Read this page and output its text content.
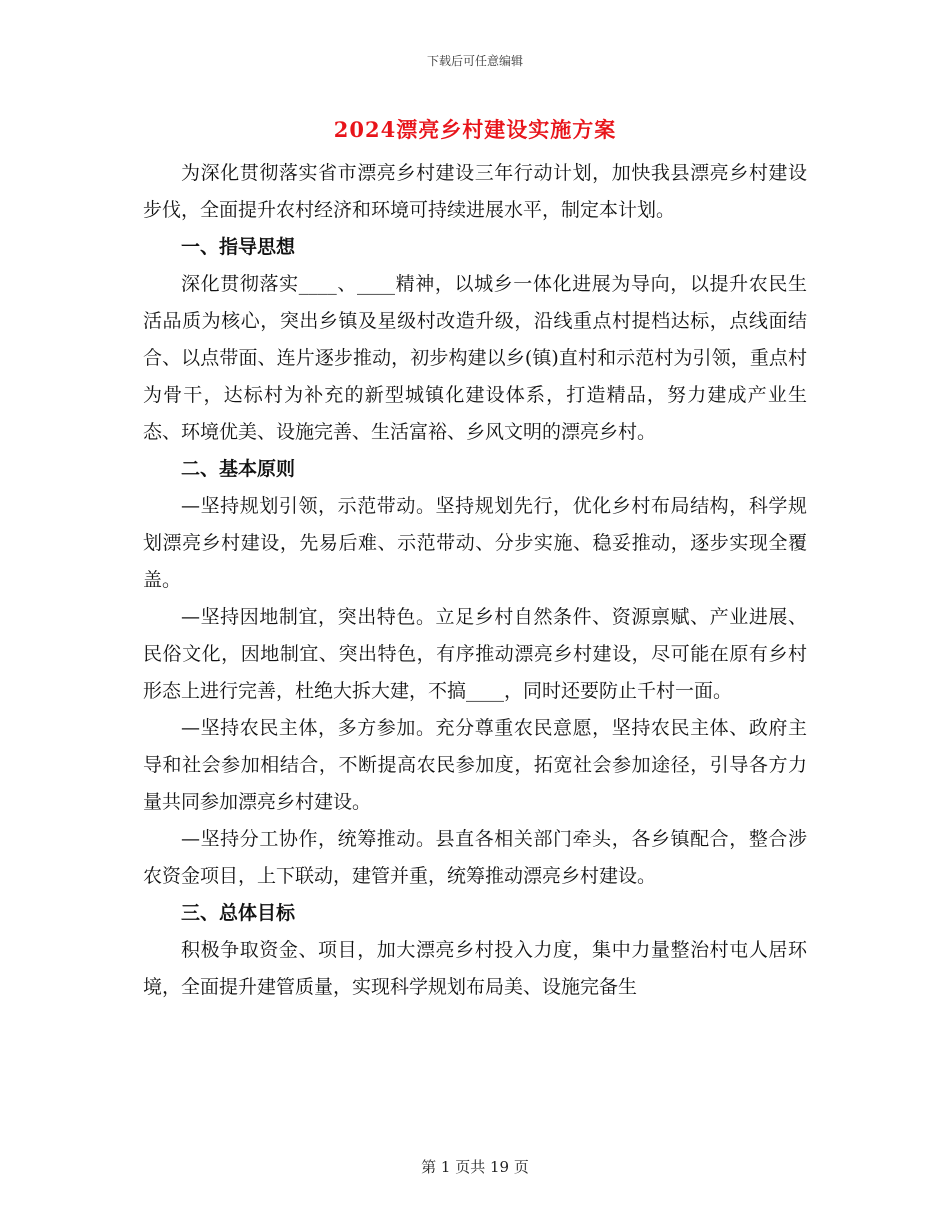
下载后可任意编辑
2024漂亮乡村建设实施方案

为深化贯彻落实省市漂亮乡村建设三年行动计划，加快我县漂亮乡村建设步伐，全面提升农村经济和环境可持续进展水平，制定本计划。

一、指导思想

深化贯彻落实____、____精神，以城乡一体化进展为导向，以提升农民生活品质为核心，突出乡镇及星级村改造升级，沿线重点村提档达标，点线面结合、以点带面、连片逐步推动，初步构建以乡(镇)直村和示范村为引领，重点村为骨干，达标村为补充的新型城镇化建设体系，打造精品，努力建成产业生态、环境优美、设施完善、生活富裕、乡风文明的漂亮乡村。

二、基本原则

—坚持规划引领，示范带动。坚持规划先行，优化乡村布局结构，科学规划漂亮乡村建设，先易后难、示范带动、分步实施、稳妥推动，逐步实现全覆盖。

—坚持因地制宜，突出特色。立足乡村自然条件、资源禀赋、产业进展、民俗文化，因地制宜、突出特色，有序推动漂亮乡村建设，尽可能在原有乡村形态上进行完善，杜绝大拆大建，不搞____，同时还要防止千村一面。

—坚持农民主体，多方参加。充分尊重农民意愿，坚持农民主体、政府主导和社会参加相结合，不断提高农民参加度，拓宽社会参加途径，引导各方力量共同参加漂亮乡村建设。

—坚持分工协作，统筹推动。县直各相关部门牵头，各乡镇配合，整合涉农资金项目，上下联动，建管并重，统筹推动漂亮乡村建设。

三、总体目标

积极争取资金、项目，加大漂亮乡村投入力度，集中力量整治村屯人居环境，全面提升建管质量，实现科学规划布局美、设施完备生

第 1 页共 19 页
